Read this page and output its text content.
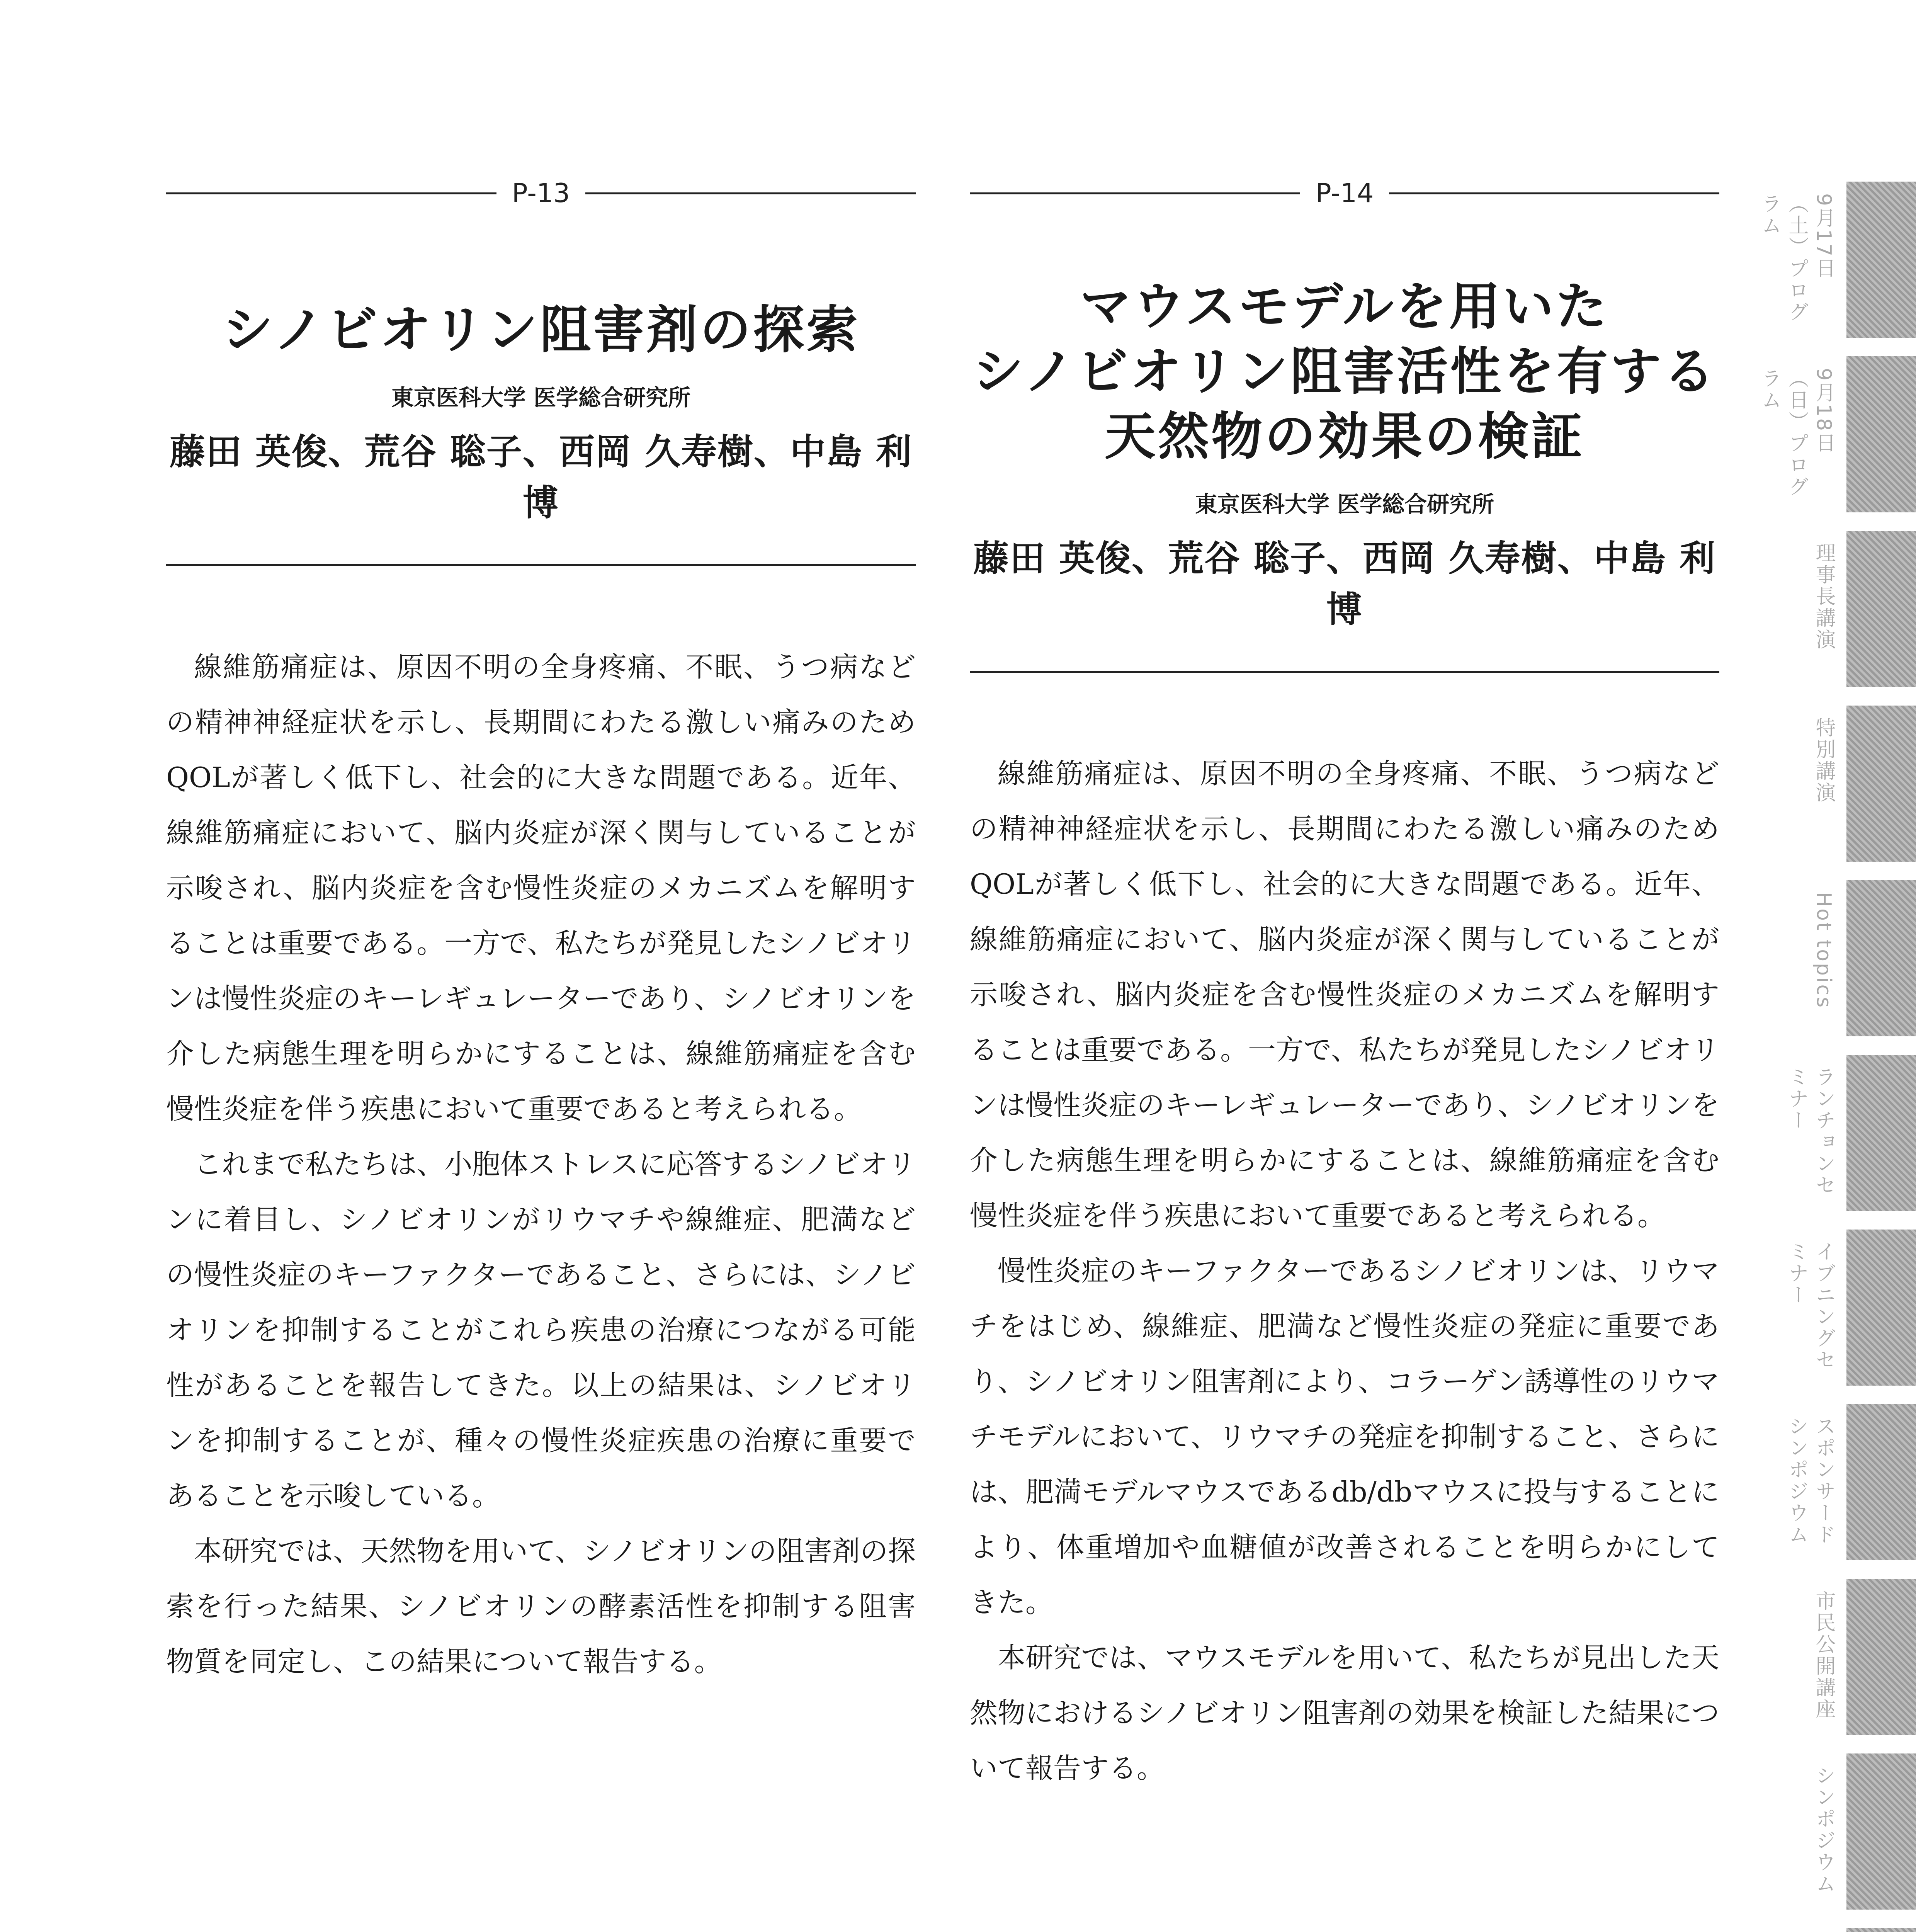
P-13
シノビオリン阻害剤の探索
東京医科大学 医学総合研究所
藤田 英俊、荒谷 聡子、西岡 久寿樹、中島 利博

線維筋痛症は、原因不明の全身疼痛、不眠、うつ病などの精神神経症状を示し、長期間にわたる激しい痛みのためQOLが著しく低下し、社会的に大きな問題である。近年、線維筋痛症において、脳内炎症が深く関与していることが示唆され、脳内炎症を含む慢性炎症のメカニズムを解明することは重要である。一方で、私たちが発見したシノビオリンは慢性炎症のキーレギュレーターであり、シノビオリンを介した病態生理を明らかにすることは、線維筋痛症を含む慢性炎症を伴う疾患において重要であると考えられる。

これまで私たちは、小胞体ストレスに応答するシノビオリンに着目し、シノビオリンがリウマチや線維症、肥満などの慢性炎症のキーファクターであること、さらには、シノビオリンを抑制することがこれら疾患の治療につながる可能性があることを報告してきた。以上の結果は、シノビオリンを抑制することが、種々の慢性炎症疾患の治療に重要であることを示唆している。

本研究では、天然物を用いて、シノビオリンの阻害剤の探索を行った結果、シノビオリンの酵素活性を抑制する阻害物質を同定し、この結果について報告する。

P-14
マウスモデルを用いた
シノビオリン阻害活性を有する
天然物の効果の検証
東京医科大学 医学総合研究所
藤田 英俊、荒谷 聡子、西岡 久寿樹、中島 利博

線維筋痛症は、原因不明の全身疼痛、不眠、うつ病などの精神神経症状を示し、長期間にわたる激しい痛みのためQOLが著しく低下し、社会的に大きな問題である。近年、線維筋痛症において、脳内炎症が深く関与していることが示唆され、脳内炎症を含む慢性炎症のメカニズムを解明することは重要である。一方で、私たちが発見したシノビオリンは慢性炎症のキーレギュレーターであり、シノビオリンを介した病態生理を明らかにすることは、線維筋痛症を含む慢性炎症を伴う疾患において重要であると考えられる。

慢性炎症のキーファクターであるシノビオリンは、リウマチをはじめ、線維症、肥満など慢性炎症の発症に重要であり、シノビオリン阻害剤により、コラーゲン誘導性のリウマチモデルにおいて、リウマチの発症を抑制すること、さらには、肥満モデルマウスであるdb/dbマウスに投与することにより、体重増加や血糖値が改善されることを明らかにしてきた。

本研究では、マウスモデルを用いて、私たちが見出した天然物におけるシノビオリン阻害剤の効果を検証した結果について報告する。

9月17日（土）プログラム
9月18日（日）プログラム
理事長講演
特別講演
Hot topics
ランチョンセミナー
イブニングセミナー
スポンサードシンポジウム
市民公開講座
シンポジウム
